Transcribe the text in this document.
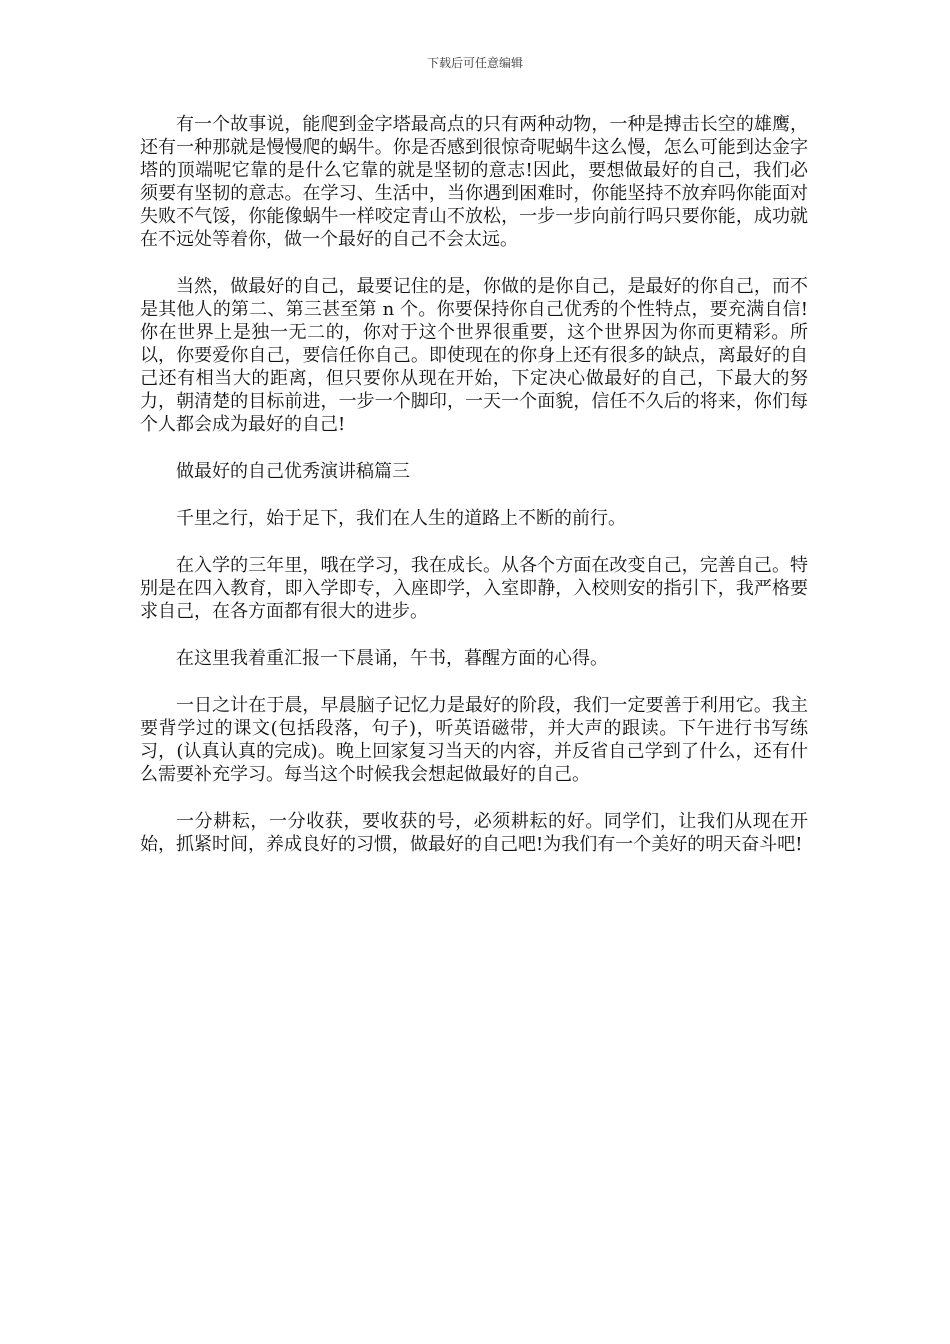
下载后可任意编辑

有一个故事说，能爬到金字塔最高点的只有两种动物，一种是搏击长空的雄鹰，还有一种那就是慢慢爬的蜗牛。你是否感到很惊奇呢蜗牛这么慢，怎么可能到达金字塔的顶端呢它靠的是什么它靠的就是坚韧的意志!因此，要想做最好的自己，我们必须要有坚韧的意志。在学习、生活中，当你遇到困难时，你能坚持不放弃吗你能面对失败不气馁，你能像蜗牛一样咬定青山不放松，一步一步向前行吗只要你能，成功就在不远处等着你，做一个最好的自己不会太远。

当然，做最好的自己，最要记住的是，你做的是你自己，是最好的你自己，而不是其他人的第二、第三甚至第 n 个。你要保持你自己优秀的个性特点，要充满自信!你在世界上是独一无二的，你对于这个世界很重要，这个世界因为你而更精彩。所以，你要爱你自己，要信任你自己。即使现在的你身上还有很多的缺点，离最好的自己还有相当大的距离，但只要你从现在开始，下定决心做最好的自己，下最大的努力，朝清楚的目标前进，一步一个脚印，一天一个面貌，信任不久后的将来，你们每个人都会成为最好的自己!

做最好的自己优秀演讲稿篇三

千里之行，始于足下，我们在人生的道路上不断的前行。

在入学的三年里，哦在学习，我在成长。从各个方面在改变自己，完善自己。特别是在四入教育，即入学即专，入座即学，入室即静，入校则安的指引下，我严格要求自己，在各方面都有很大的进步。

在这里我着重汇报一下晨诵，午书，暮醒方面的心得。

一日之计在于晨，早晨脑子记忆力是最好的阶段，我们一定要善于利用它。我主要背学过的课文(包括段落，句子)，听英语磁带，并大声的跟读。下午进行书写练习，(认真认真的完成)。晚上回家复习当天的内容，并反省自己学到了什么，还有什么需要补充学习。每当这个时候我会想起做最好的自己。

一分耕耘，一分收获，要收获的号，必须耕耘的好。同学们，让我们从现在开始，抓紧时间，养成良好的习惯，做最好的自己吧!为我们有一个美好的明天奋斗吧!
